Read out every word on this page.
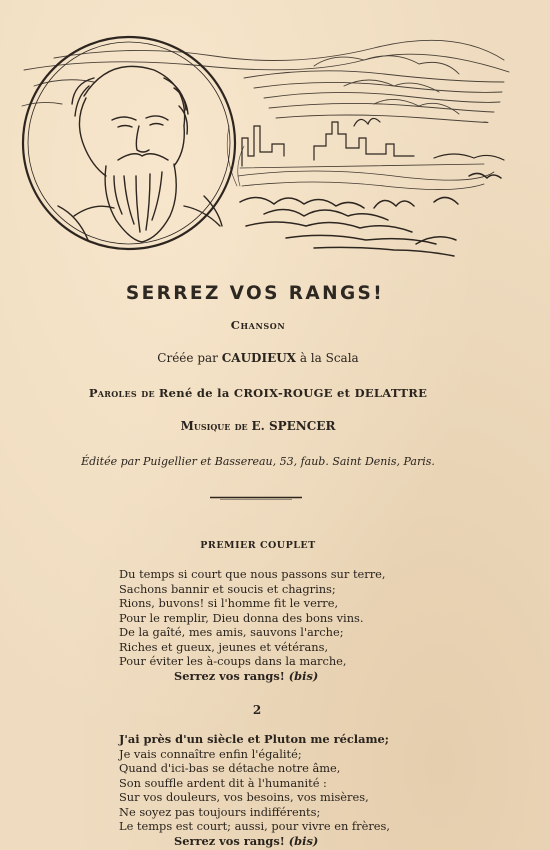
SERREZ VOS RANGS!
Chanson
Créée par CAUDIEUX à la Scala
Paroles de René de la CROIX-ROUGE et DELATTRE
Musique de E. SPENCER
Éditée par Puigellier et Bassereau, 53, faub. Saint Denis, Paris.
PREMIER COUPLET
Du temps si court que nous passons sur terre,
Sachons bannir et soucis et chagrins;
Rions, buvons! si l'homme fit le verre,
Pour le remplir, Dieu donna des bons vins.
De la gaîté, mes amis, sauvons l'arche;
Riches et gueux, jeunes et vétérans,
Pour éviter les à-coups dans la marche,
Serrez vos rangs! (bis)
2
J'ai près d'un siècle et Pluton me réclame;
Je vais connaître enfin l'égalité;
Quand d'ici-bas se détache notre âme,
Son souffle ardent dit à l'humanité :
Sur vos douleurs, vos besoins, vos misères,
Ne soyez pas toujours indifférents;
Le temps est court; aussi, pour vivre en frères,
Serrez vos rangs! (bis)
